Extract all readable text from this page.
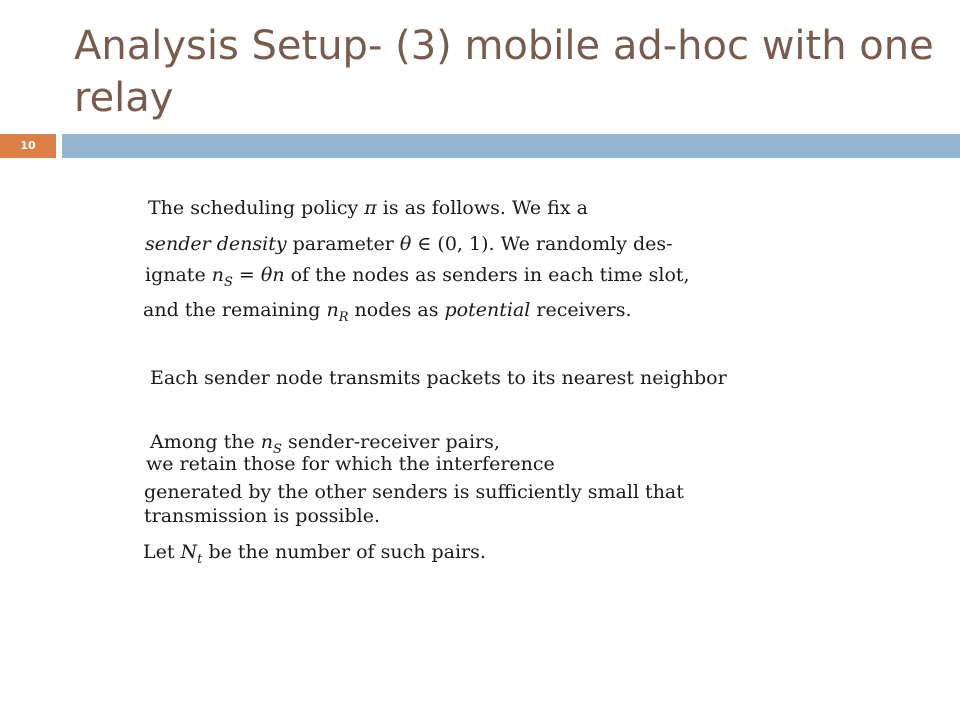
Analysis Setup- (3) mobile ad-hoc with one relay
10

The scheduling policy π is as follows. We fix a

sender density parameter θ ∈ (0, 1). We randomly des-

ignate $n_S = \theta n$ of the nodes as senders in each time slot,

and the remaining $n_R$ nodes as potential receivers.

Each sender node transmits packets to its nearest neighbor

Among the $n_S$ sender-receiver pairs,

we retain those for which the interference

generated by the other senders is sufficiently small that

transmission is possible.

Let $N_t$ be the number of such pairs.
